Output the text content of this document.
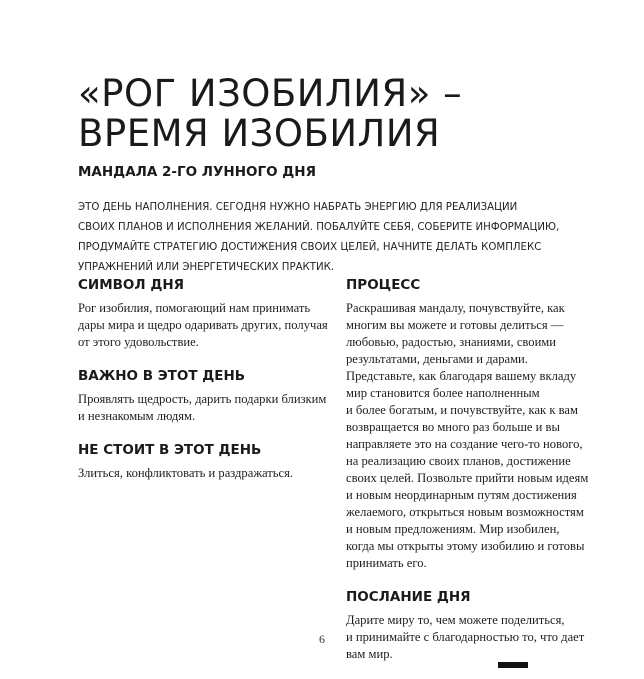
«РОГ ИЗОБИЛИЯ» –
ВРЕМЯ ИЗОБИЛИЯ
МАНДАЛА 2-ГО ЛУННОГО ДНЯ
ЭТО ДЕНЬ НАПОЛНЕНИЯ. СЕГОДНЯ НУЖНО НАБРАТЬ ЭНЕРГИЮ ДЛЯ РЕАЛИЗАЦИИ
СВОИХ ПЛАНОВ И ИСПОЛНЕНИЯ ЖЕЛАНИЙ. ПОБАЛУЙТЕ СЕБЯ, СОБЕРИТЕ ИНФОРМАЦИЮ,
ПРОДУМАЙТЕ СТРАТЕГИЮ ДОСТИЖЕНИЯ СВОИХ ЦЕЛЕЙ, НАЧНИТЕ ДЕЛАТЬ КОМПЛЕКС
УПРАЖНЕНИЙ ИЛИ ЭНЕРГЕТИЧЕСКИХ ПРАКТИК.
СИМВОЛ ДНЯ
Рог изобилия, помогающий нам принимать
дары мира и щедро одаривать других, получая
от этого удовольствие.
ВАЖНО В ЭТОТ ДЕНЬ
Проявлять щедрость, дарить подарки близким
и незнакомым людям.
НЕ СТОИТ В ЭТОТ ДЕНЬ
Злиться, конфликтовать и раздражаться.
ПРОЦЕСС
Раскрашивая мандалу, почувствуйте, как
многим вы можете и готовы делиться —
любовью, радостью, знаниями, своими
результатами, деньгами и дарами.
Представьте, как благодаря вашему вкладу
мир становится более наполненным
и более богатым, и почувствуйте, как к вам
возвращается во много раз больше и вы
направляете это на создание чего-то нового,
на реализацию своих планов, достижение
своих целей. Позвольте прийти новым идеям
и новым неординарным путям достижения
желаемого, открыться новым возможностям
и новым предложениям. Мир изобилен,
когда мы открыты этому изобилию и готовы
принимать его.
ПОСЛАНИЕ ДНЯ
Дарите миру то, чем можете поделиться,
и принимайте с благодарностью то, что дает
вам мир.
6
